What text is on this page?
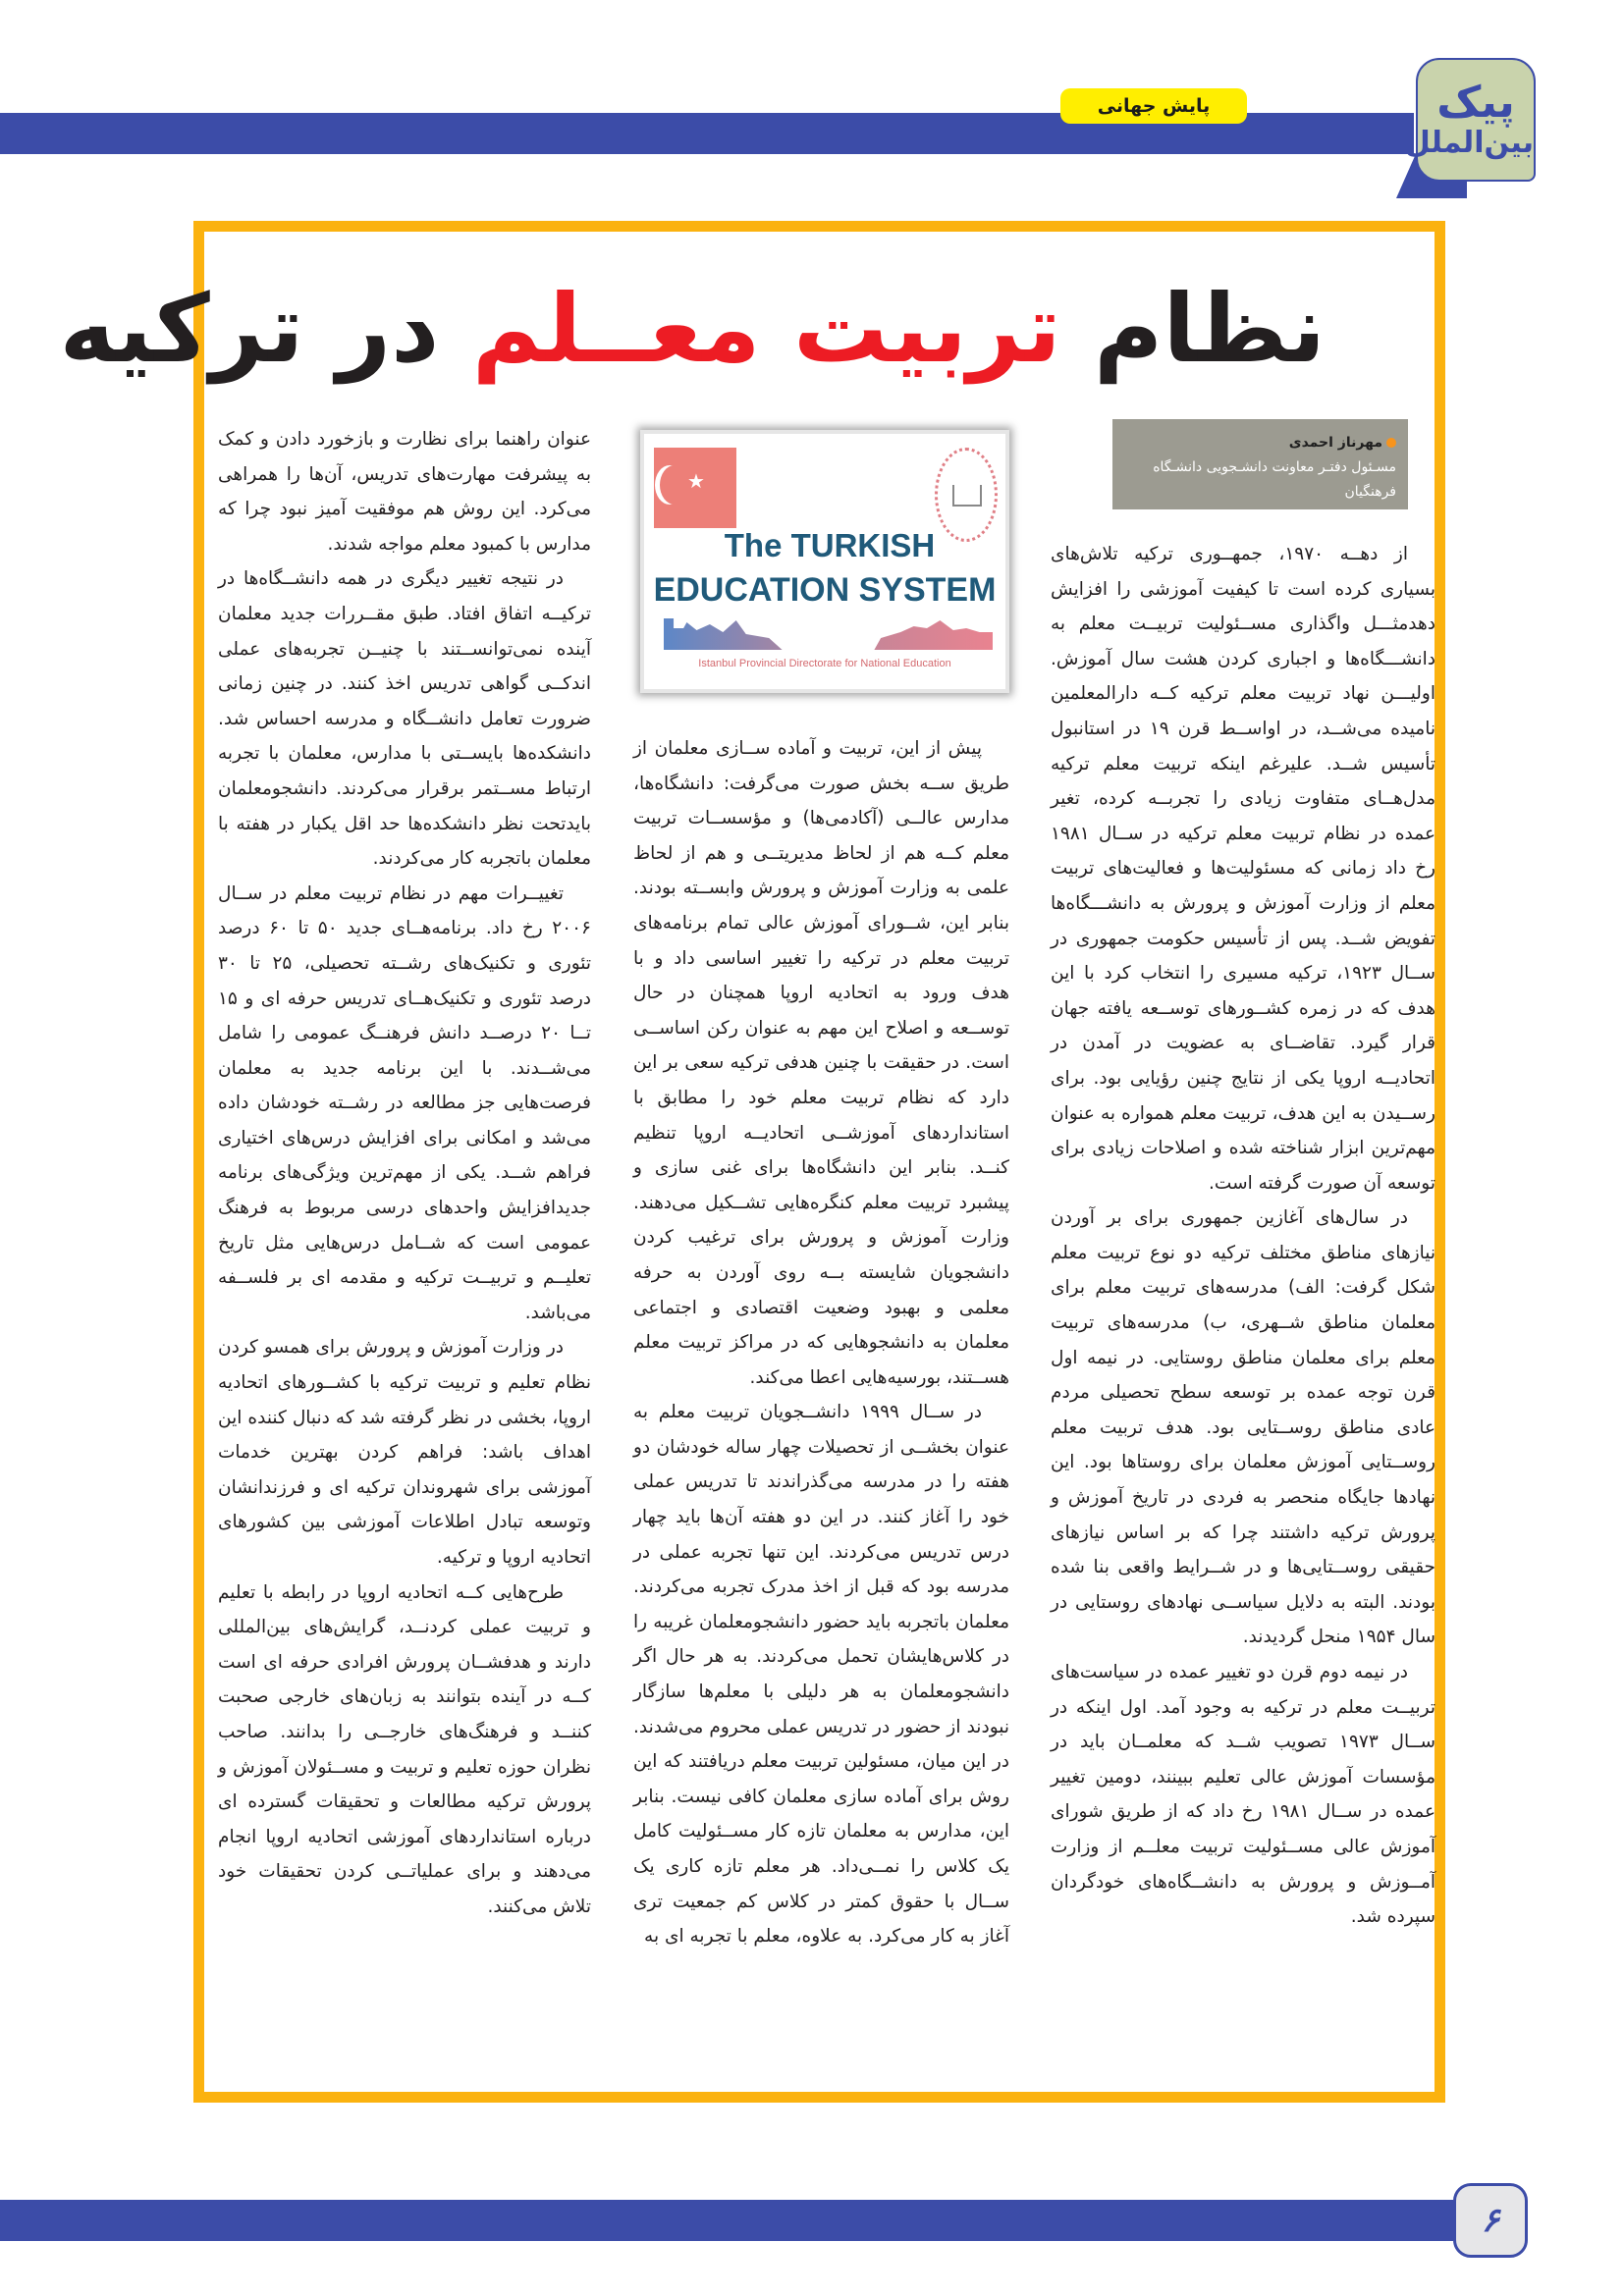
پایش جهانی	پیک
بین‌الملل
نظام تربیت معــلم در ترکیه
مهرناز احمدی
مسـئول دفتـر معاونت دانشـجویی دانشـگاه فرهنگیان
★
The TURKISH
EDUCATION SYSTEM
Istanbul Provincial Directorate for National Education

از دهــه ۱۹۷۰، جمهــوری ترکیه تلاش‌های بسیاری کرده است تا کیفیت آموزشی را افزایش دهدمثـــل واگذاری مســئولیت تربیــت معلم به دانشـــگاه‌ها و اجباری کردن هشت سال آموزش. اولیـــن نهاد تربیت معلم ترکیه کــه دارالمعلمین نامیده می‌شــد، در اواســط قرن ۱۹ در استانبول تأسیس شــد. علیرغم اینکه تربیت معلم ترکیه مدل‌هــای متفاوت زیادی را تجربــه کرده، تغیر عمده در نظام تربیت معلم ترکیه در ســال ۱۹۸۱ رخ داد زمانی که مسئولیت‌ها و فعالیت‌های تربیت معلم از وزارت آموزش و پرورش به دانشـــگاه‌ها تفویض شــد. پس از تأسیس حکومت جمهوری در ســال ۱۹۲۳، ترکیه مسیری را انتخاب کرد با این هدف که در زمره کشــورهای توســعه یافته جهان قرار گیرد. تقاضــای به عضویت در آمدن در اتحادیــه اروپا یکی از نتایج چنین رؤیایی بود. برای رســیدن به این هدف، تربیت معلم همواره به عنوان مهم‌ترین ابزار شناخته شده و اصلاحات زیادی برای توسعه آن صورت گرفته است.

در سال‌های آغازین جمهوری برای بر آوردن نیازهای مناطق مختلف ترکیه دو نوع تربیت معلم شکل گرفت: الف) مدرسه‌های تربیت معلم برای معلمان مناطق شــهری، ب) مدرسه‌های تربیت معلم برای معلمان مناطق روستایی. در نیمه اول قرن توجه عمده بر توسعه سطح تحصیلی مردم عادی مناطق روســتایی بود. هدف تربیت معلم روســتایی آموزش معلمان برای روستاها بود. این نهادها جایگاه منحصر به فردی در تاریخ آموزش و پرورش ترکیه داشتند چرا که بر اساس نیازهای حقیقی روســتایی‌ها و در شــرایط واقعی بنا شده بودند. البته به دلایل سیاســی نهادهای روستایی در سال ۱۹۵۴ منحل گردیدند.

در نیمه دوم قرن دو تغییر عمده در سیاست‌های تربیــت معلم در ترکیه به وجود آمد. اول اینکه در ســال ۱۹۷۳ تصویب شــد که معلمــان باید در مؤسسات آموزش عالی تعلیم ببینند، دومین تغییر عمده در ســال ۱۹۸۱ رخ داد که از طریق شورای آموزش عالی مســئولیت تربیت معلــم از وزارت آمــوزش و پرورش به دانشــگاه‌های خودگردان سپرده شد.

پیش از این، تربیت و آماده ســازی معلمان از طریق ســه بخش صورت می‌گرفت: دانشگاه‌ها، مدارس عالــی (آکادمی‌ها) و مؤسســات تربیت معلم کــه هم از لحاظ مدیریتــی و هم از لحاظ علمی به وزارت آموزش و پرورش وابســته بودند. بنابر این، شــورای آموزش عالی تمام برنامه‌های تربیت معلم در ترکیه را تغییر اساسی داد و با هدف ورود به اتحادیه اروپا همچنان در حال توســعه و اصلاح این مهم به عنوان رکن اساســی است. در حقیقت با چنین هدفی ترکیه سعی بر این دارد که نظام تربیت معلم خود را مطابق با استانداردهای آموزشــی اتحادیــه اروپا تنظیم کنــد. بنابر این دانشگاه‌ها برای غنی سازی و پیشبرد تربیت معلم کنگره‌هایی تشــکیل می‌دهند. وزارت آموزش و پرورش برای ترغیب کردن دانشجویان شایسته بــه روی آوردن به حرفه معلمی و بهبود وضعیت اقتصادی و اجتماعی معلمان به دانشجوهایی که در مراکز تربیت معلم هســتند، بورسیه‌هایی اعطا می‌کند.

در ســال ۱۹۹۹ دانشــجویان تربیت معلم به عنوان بخشــی از تحصیلات چهار ساله خودشان دو هفته را در مدرسه می‌گذراندند تا تدریس عملی خود را آغاز کنند. در این دو هفته آن‌ها باید چهار درس تدریس می‌کردند. این تنها تجربه عملی در مدرسه بود که قبل از اخذ مدرک تجربه می‌کردند. معلمان باتجربه باید حضور دانشجومعلمان غریبه را در کلاس‌هایشان تحمل می‌کردند. به هر حال اگر دانشجومعلمان به هر دلیلی با معلم‌ها سازگار نبودند از حضور در تدریس عملی محروم می‌شدند. در این میان، مسئولین تربیت معلم دریافتند که این روش برای آماده سازی معلمان کافی نیست. بنابر این، مدارس به معلمان تازه کار مســئولیت کامل یک کلاس را نمــی‌داد. هر معلم تازه کاری یک ســال با حقوق کمتر در کلاس کم جمعیت تری آغاز به کار می‌کرد. به علاوه، معلم با تجربه ای به

عنوان راهنما برای نظارت و بازخورد دادن و کمک به پیشرفت مهارت‌های تدریس، آن‌ها را همراهی می‌کرد. این روش هم موفقیت آمیز نبود چرا که مدارس با کمبود معلم مواجه شدند.

در نتیجه تغییر دیگری در همه دانشــگاه‌ها در ترکیــه اتفاق افتاد. طبق مقــررات جدید معلمان آینده نمی‌توانســتند با چنیــن تجربه‌های عملی اندکــی گواهی تدریس اخذ کنند. در چنین زمانی ضرورت تعامل دانشــگاه و مدرسه احساس شد. دانشکده‌ها بایســتی با مدارس، معلمان با تجربه ارتباط مســتمر برقرار می‌کردند. دانشجومعلمان بایدتحت نظر دانشکده‌ها حد اقل یکبار در هفته با معلمان باتجربه کار می‌کردند.

تغییــرات مهم در نظام تربیت معلم در ســال ۲۰۰۶ رخ داد. برنامه‌هــای جدید ۵۰ تا ۶۰ درصد تئوری و تکنیک‌های رشــته تحصیلی، ۲۵ تا ۳۰ درصد تئوری و تکنیک‌هــای تدریس حرفه ای و ۱۵ تــا ۲۰ درصــد دانش فرهنــگ عمومی را شامل می‌شــدند. با این برنامه جدید به معلمان فرصت‌هایی جز مطالعه در رشــته خودشان داده می‌شد و امکانی برای افزایش درس‌های اختیاری فراهم شــد. یکی از مهم‌ترین ویژگی‌های برنامه جدیدافزایش واحدهای درسی مربوط به فرهنگ عمومی است که شــامل درس‌هایی مثل تاریخ تعلیــم و تربیــت ترکیه و مقدمه ای بر فلســفه می‌باشد.

در وزارت آموزش و پرورش برای همسو کردن نظام تعلیم و تربیت ترکیه با کشــورهای اتحادیه اروپا، بخشی در نظر گرفته شد که دنبال کننده این اهداف باشد: فراهم کردن بهترین خدمات آموزشی برای شهروندان ترکیه ای و فرزندانشان وتوسعه تبادل اطلاعات آموزشی بین کشورهای اتحادیه اروپا و ترکیه.

طرح‌هایی کــه اتحادیه اروپا در رابطه با تعلیم و تربیت عملی کردنــد، گرایش‌های بین‌المللی دارند و هدفشــان پرورش افرادی حرفه ای است کــه در آینده بتوانند به زبان‌های خارجی صحبت کننــد و فرهنگ‌های خارجــی را بدانند. صاحب نظران حوزه تعلیم و تربیت و مســئولان آموزش و پرورش ترکیه مطالعات و تحقیقات گسترده ای درباره استانداردهای آموزشی اتحادیه اروپا انجام می‌دهند و برای عملیاتــی کردن تحقیقات خود تلاش می‌کنند.

۶
